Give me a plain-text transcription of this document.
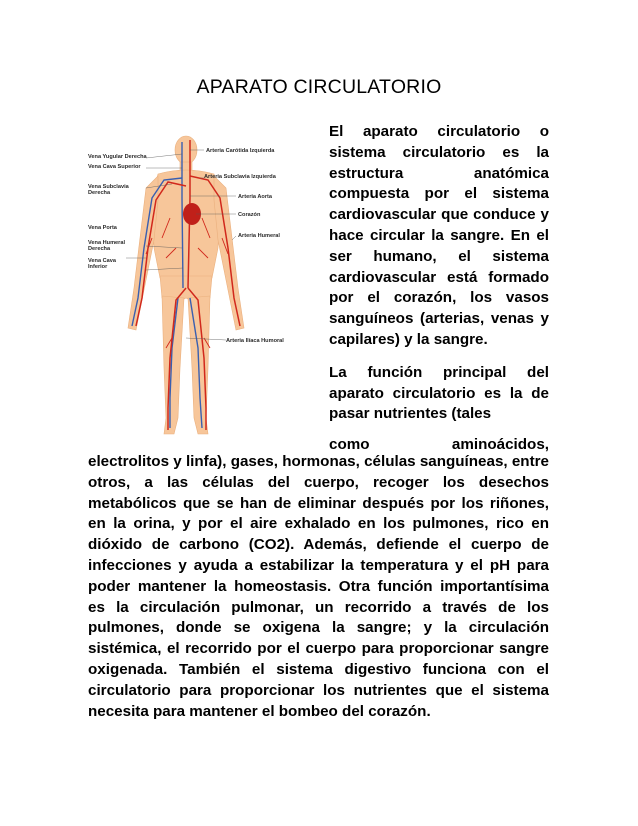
APARATO CIRCULATORIO
Vena Yugular Derecha
Vena Cava Superior
Vena Subclavia
Derecha
Vena Porta
Vena Humeral
Derecha
Vena Cava
Inferior
Arteria Carótida Izquierda
Arteria Subclavia Izquierda
Arteria Aorta
Corazón
Arteria Humeral
Arteria Ilíaca Humoral

El aparato circulatorio o sistema circulatorio es la estructura anatómica compuesta por el sistema cardiovascular que conduce y hace circular la sangre. En el ser humano, el sistema cardiovascular está formado por el corazón, los vasos sanguíneos (arterias, venas y capilares) y la sangre.

La función principal del aparato circulatorio es la de pasar nutrientes (tales

como aminoácidos,

electrolitos y linfa), gases, hormonas, células sanguíneas, entre otros, a las células del cuerpo, recoger los desechos metabólicos que se han de eliminar después por los riñones, en la orina, y por el aire exhalado en los pulmones, rico en dióxido de carbono (CO2). Además, defiende el cuerpo de infecciones y ayuda a estabilizar la temperatura y el pH para poder mantener la homeostasis. Otra función importantísima es la circulación pulmonar, un recorrido a través de los pulmones, donde se oxigena la sangre; y la circulación sistémica, el recorrido por el cuerpo para proporcionar sangre oxigenada. También el sistema digestivo funciona con el circulatorio para proporcionar los nutrientes que el sistema necesita para mantener el bombeo del corazón.
